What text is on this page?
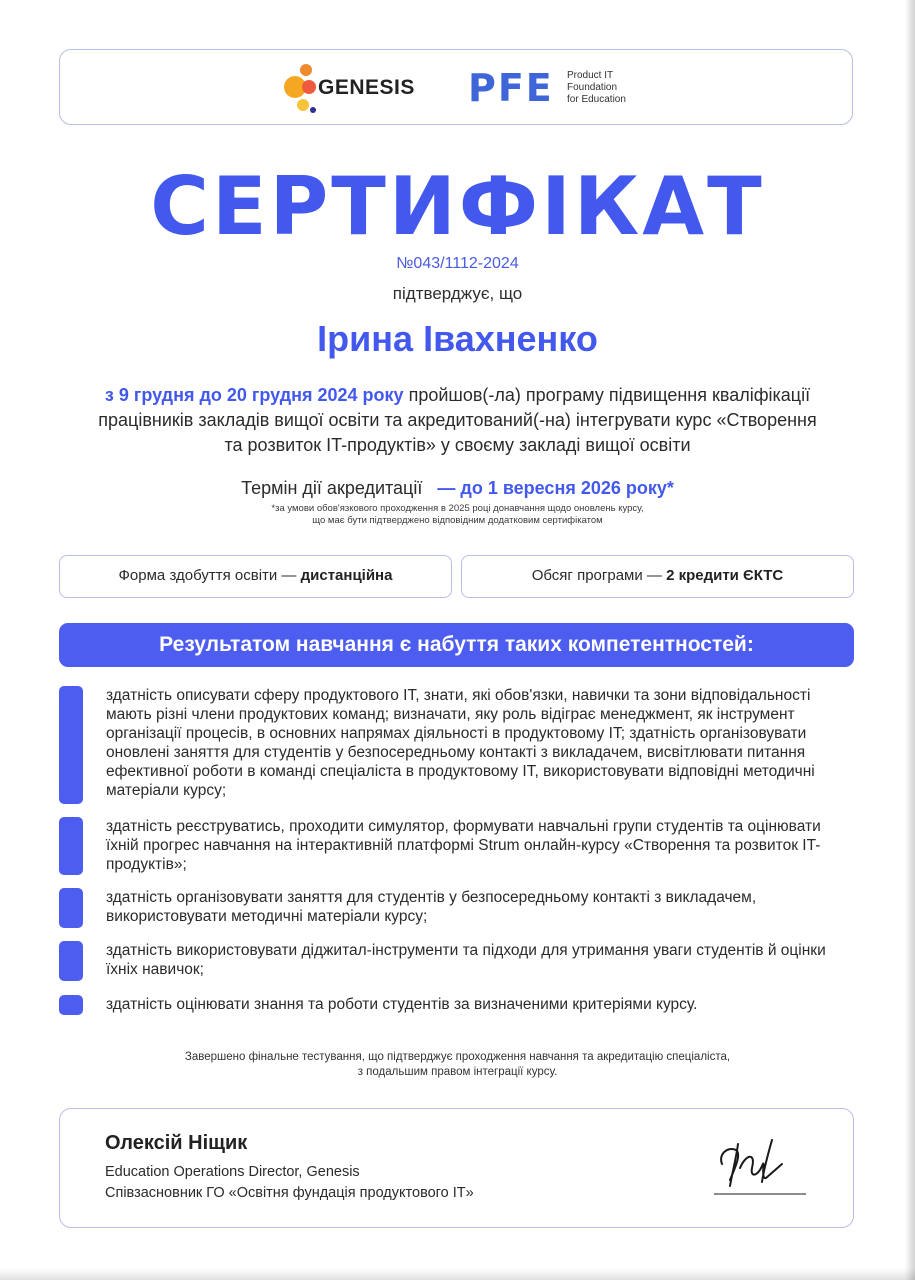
GENESIS PFE Product IT
Foundation
for Education
СЕРТИФІКАТ
№043/1112-2024
підтверджує, що
Ірина Івахненко
з 9 грудня до 20 грудня 2024 року пройшов(-ла) програму підвищення кваліфікації працівників закладів вищої освіти та акредитований(-на) інтегрувати курс «Створення та розвиток IT-продуктів» у своєму закладі вищої освіти
Термін дії акредитації — до 1 вересня 2026 року*
*за умови обов'язкового проходження в 2025 році донавчання щодо оновлень курсу,
що має бути підтверджено відповідним додатковим сертифікатом
Форма здобуття освіти — дистанційна	Обсяг програми — 2 кредити ЄКТС
Результатом навчання є набуття таких компетентностей:
здатність описувати сферу продуктового IT, знати, які обов'язки, навички та зони відповідальності мають різні члени продуктових команд; визначати, яку роль відіграє менеджмент, як інструмент організації процесів, в основних напрямах діяльності в продуктовому IT; здатність організовувати оновлені заняття для студентів у безпосередньому контакті з викладачем, висвітлювати питання ефективної роботи в команді спеціаліста в продуктовому IT, використовувати відповідні методичні матеріали курсу;
здатність реєструватись, проходити симулятор, формувати навчальні групи студентів та оцінювати їхній прогрес навчання на інтерактивній платформі Strum онлайн-курсу «Створення та розвиток IT-продуктів»;
здатність організовувати заняття для студентів у безпосередньому контакті з викладачем, використовувати методичні матеріали курсу;
здатність використовувати діджитал-інструменти та підходи для утримання уваги студентів й оцінки їхніх навичок;
здатність оцінювати знання та роботи студентів за визначеними критеріями курсу.
Завершено фінальне тестування, що підтверджує проходження навчання та акредитацію спеціаліста,
з подальшим правом інтеграції курсу.
Олексій Ніщик
Education Operations Director, Genesis
Співзасновник ГО «Освітня фундація продуктового IT»
